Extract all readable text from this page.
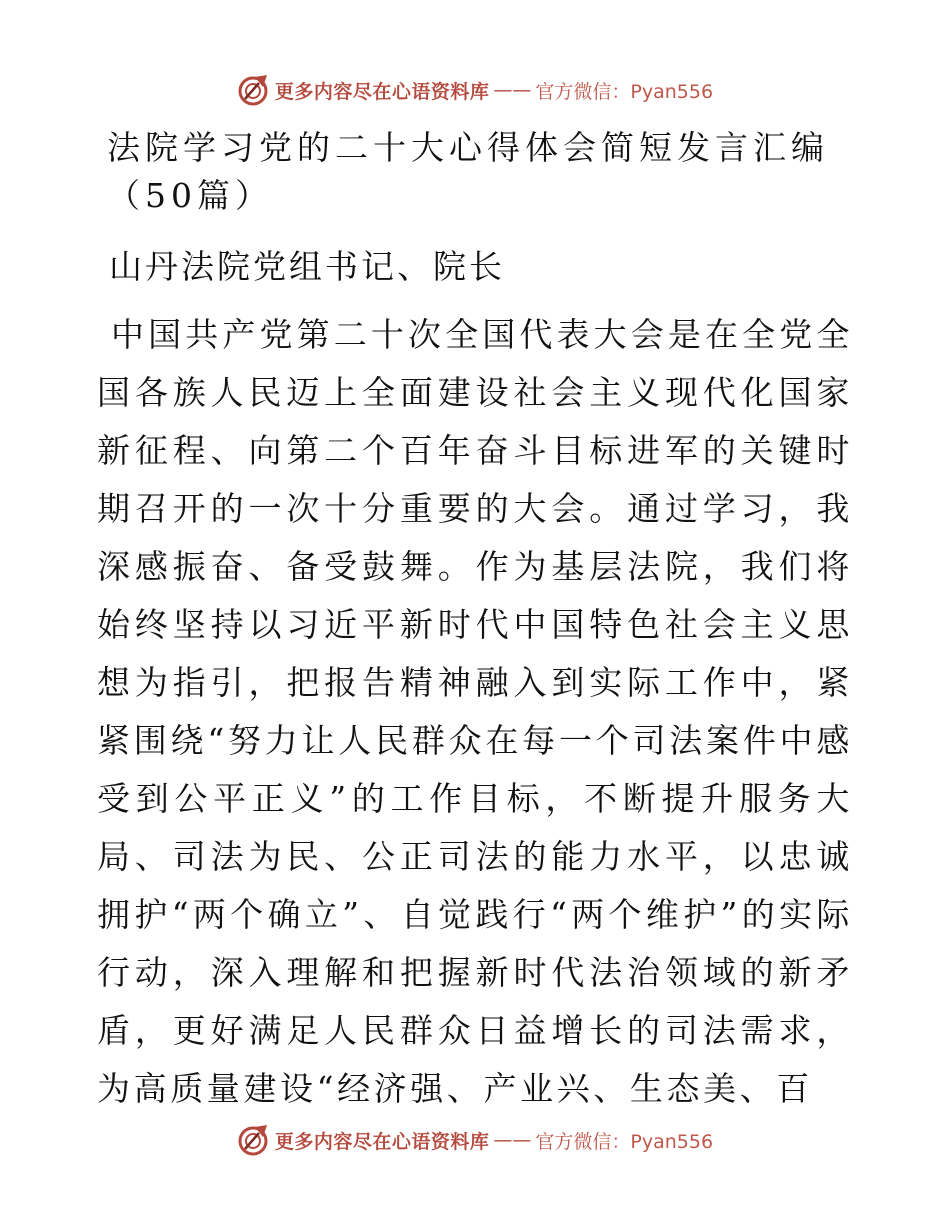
更多内容尽在心语资料库 —— 官方微信：Pyan556
法院学习党的二十大心得体会简短发言汇编（50篇）

山丹法院党组书记、院长

中国共产党第二十次全国代表大会是在全党全国各族人民迈上全面建设社会主义现代化国家新征程、向第二个百年奋斗目标进军的关键时期召开的一次十分重要的大会。通过学习，我深感振奋、备受鼓舞。作为基层法院，我们将始终坚持以习近平新时代中国特色社会主义思想为指引，把报告精神融入到实际工作中，紧紧围绕“努力让人民群众在每一个司法案件中感受到公平正义”的工作目标，不断提升服务大局、司法为民、公正司法的能力水平，以忠诚拥护“两个确立”、自觉践行“两个维护”的实际行动，深入理解和把握新时代法治领域的新矛盾，更好满足人民群众日益增长的司法需求，为高质量建设“经济强、产业兴、生态美、百

更多内容尽在心语资料库 —— 官方微信：Pyan556
